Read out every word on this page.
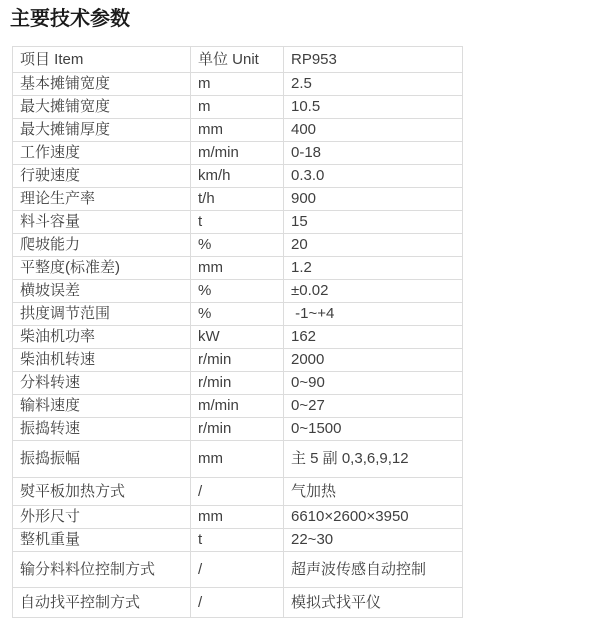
主要技术参数
项目 Item	单位 Unit	RP953
基本摊铺宽度	m	2.5
最大摊铺宽度	m	10.5
最大摊铺厚度	mm	400
工作速度	m/min	0-18
行驶速度	km/h	0.3.0
理论生产率	t/h	900
料斗容量	t	15
爬坡能力	%	20
平整度(标准差)	mm	1.2
横坡误差	%	±0.02
拱度调节范围	%	-1~+4
柴油机功率	kW	162
柴油机转速	r/min	2000
分料转速	r/min	0~90
输料速度	m/min	0~27
振捣转速	r/min	0~1500
振捣振幅	mm	主 5 副 0,3,6,9,12
熨平板加热方式	/	气加热
外形尺寸	mm	6610×2600×3950
整机重量	t	22~30
输分料料位控制方式	/	超声波传感自动控制
自动找平控制方式	/	模拟式找平仪
